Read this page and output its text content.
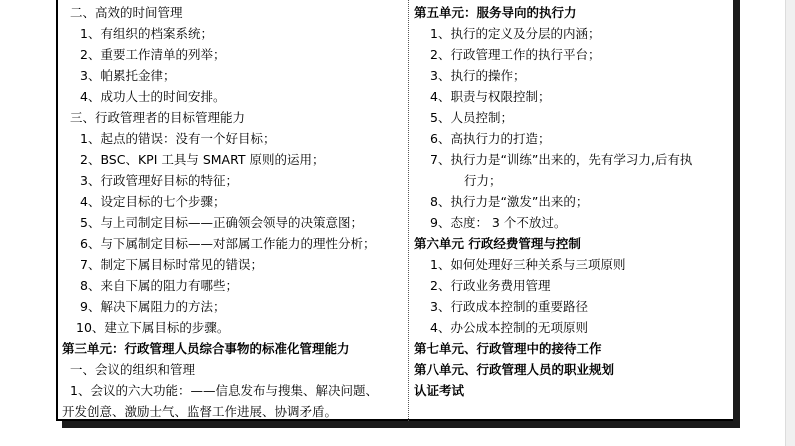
二、高效的时间管理
1、有组织的档案系统；
2、重要工作清单的列举；
3、帕累托金律；
4、成功人士的时间安排。
三、行政管理者的目标管理能力
1、起点的错误：没有一个好目标；
2、BSC、KPI 工具与 SMART 原则的运用；
3、行政管理好目标的特征；
4、设定目标的七个步骤；
5、与上司制定目标——正确领会领导的决策意图；
6、与下属制定目标——对部属工作能力的理性分析；
7、制定下属目标时常见的错误；
8、来自下属的阻力有哪些；
9、解决下属阻力的方法；
10、建立下属目标的步骤。
第三单元：行政管理人员综合事物的标准化管理能力
一、会议的组织和管理
1、会议的六大功能：——信息发布与搜集、解决问题、
开发创意、激励士气、监督工作进展、协调矛盾。
第五单元：服务导向的执行力
1、执行的定义及分层的内涵；
2、行政管理工作的执行平台；
3、执行的操作；
4、职责与权限控制；
5、人员控制；
6、高执行力的打造；
7、执行力是“训练”出来的，先有学习力,后有执
行力；
8、执行力是“激发”出来的；
9、态度： 3 个不放过。
第六单元 行政经费管理与控制
1、如何处理好三种关系与三项原则
2、行政业务费用管理
3、行政成本控制的重要路径
4、办公成本控制的无项原则
第七单元、行政管理中的接待工作
第八单元、行政管理人员的职业规划
认证考试
